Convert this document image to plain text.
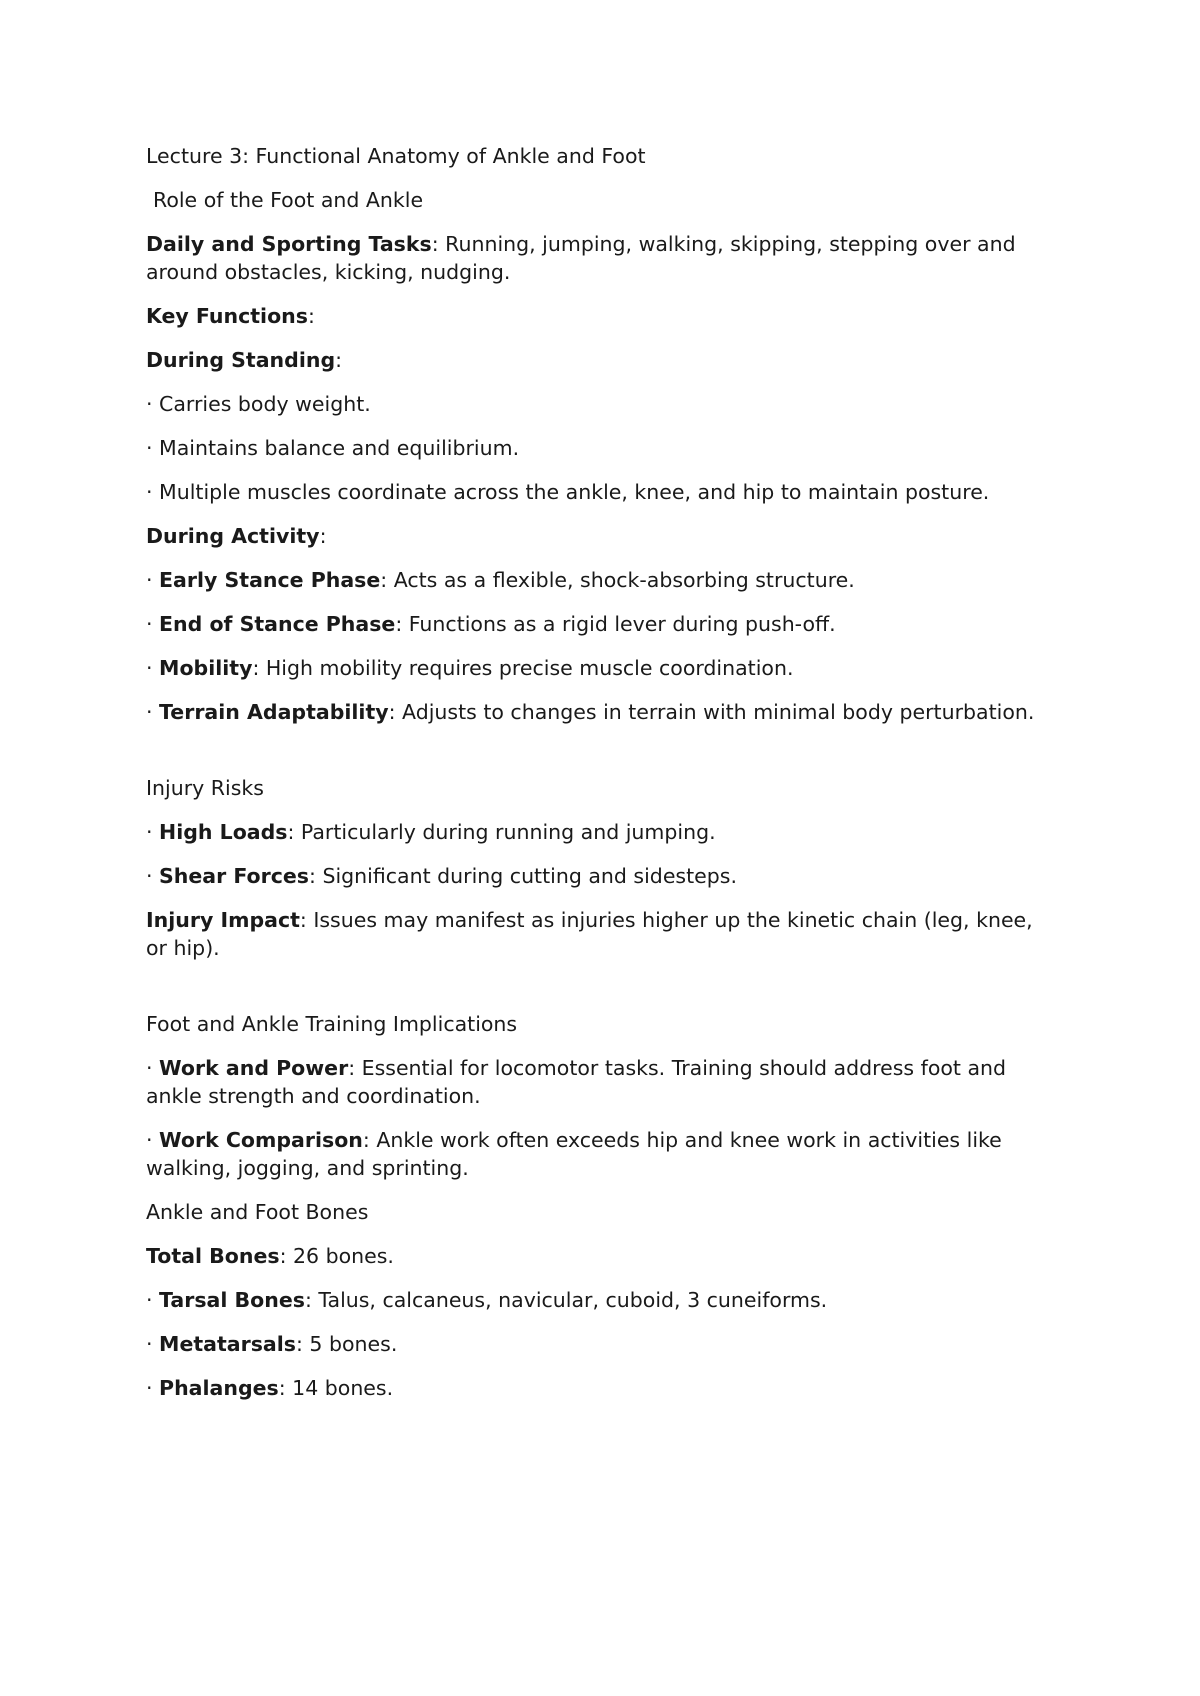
Lecture 3: Functional Anatomy of Ankle and Foot

Role of the Foot and Ankle

Daily and Sporting Tasks: Running, jumping, walking, skipping, stepping over and around obstacles, kicking, nudging.

Key Functions:

During Standing:

· Carries body weight.

· Maintains balance and equilibrium.

· Multiple muscles coordinate across the ankle, knee, and hip to maintain posture.

During Activity:

· Early Stance Phase: Acts as a flexible, shock-absorbing structure.

· End of Stance Phase: Functions as a rigid lever during push-off.

· Mobility: High mobility requires precise muscle coordination.

· Terrain Adaptability: Adjusts to changes in terrain with minimal body perturbation.

Injury Risks

· High Loads: Particularly during running and jumping.

· Shear Forces: Significant during cutting and sidesteps.

Injury Impact: Issues may manifest as injuries higher up the kinetic chain (leg, knee, or hip).

Foot and Ankle Training Implications

· Work and Power: Essential for locomotor tasks. Training should address foot and ankle strength and coordination.

· Work Comparison: Ankle work often exceeds hip and knee work in activities like walking, jogging, and sprinting.

Ankle and Foot Bones

Total Bones: 26 bones.

· Tarsal Bones: Talus, calcaneus, navicular, cuboid, 3 cuneiforms.

· Metatarsals: 5 bones.

· Phalanges: 14 bones.
